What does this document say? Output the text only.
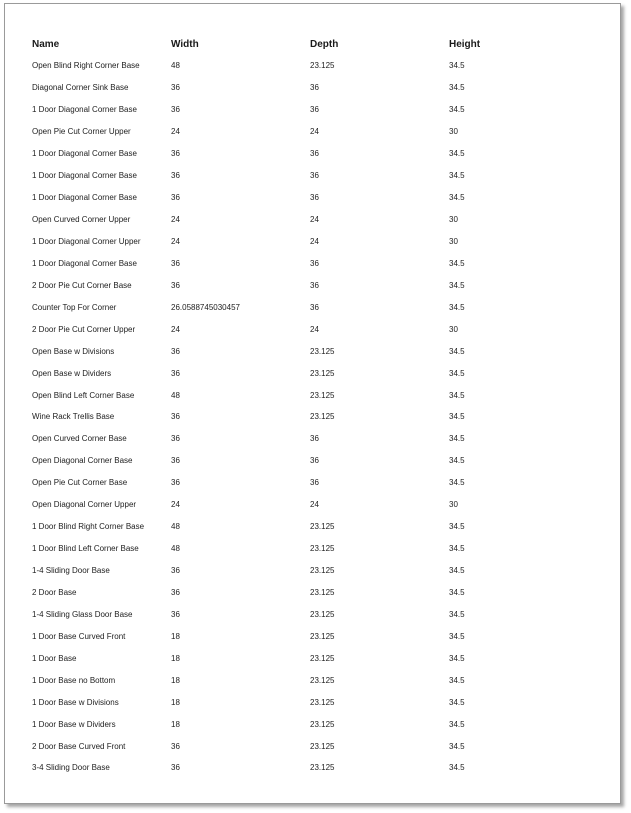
Name	Width	Depth	Height
Open Blind Right Corner Base	48	23.125	34.5
Diagonal Corner Sink Base	36	36	34.5
1 Door Diagonal Corner Base	36	36	34.5
Open Pie Cut Corner Upper	24	24	30
1 Door Diagonal Corner Base	36	36	34.5
1 Door Diagonal Corner Base	36	36	34.5
1 Door Diagonal Corner Base	36	36	34.5
Open Curved Corner Upper	24	24	30
1 Door Diagonal Corner Upper	24	24	30
1 Door Diagonal Corner Base	36	36	34.5
2 Door Pie Cut Corner Base	36	36	34.5
Counter Top For Corner	26.0588745030457	36	34.5
2 Door Pie Cut Corner Upper	24	24	30
Open Base w Divisions	36	23.125	34.5
Open Base w Dividers	36	23.125	34.5
Open Blind Left Corner Base	48	23.125	34.5
Wine Rack Trellis Base	36	23.125	34.5
Open Curved Corner Base	36	36	34.5
Open Diagonal Corner Base	36	36	34.5
Open Pie Cut Corner Base	36	36	34.5
Open Diagonal Corner Upper	24	24	30
1 Door Blind Right Corner Base	48	23.125	34.5
1 Door Blind Left Corner Base	48	23.125	34.5
1-4 Sliding Door Base	36	23.125	34.5
2 Door Base	36	23.125	34.5
1-4 Sliding Glass Door Base	36	23.125	34.5
1 Door Base Curved Front	18	23.125	34.5
1 Door Base	18	23.125	34.5
1 Door Base no Bottom	18	23.125	34.5
1 Door Base w Divisions	18	23.125	34.5
1 Door Base w Dividers	18	23.125	34.5
2 Door Base Curved Front	36	23.125	34.5
3-4 Sliding Door Base	36	23.125	34.5
